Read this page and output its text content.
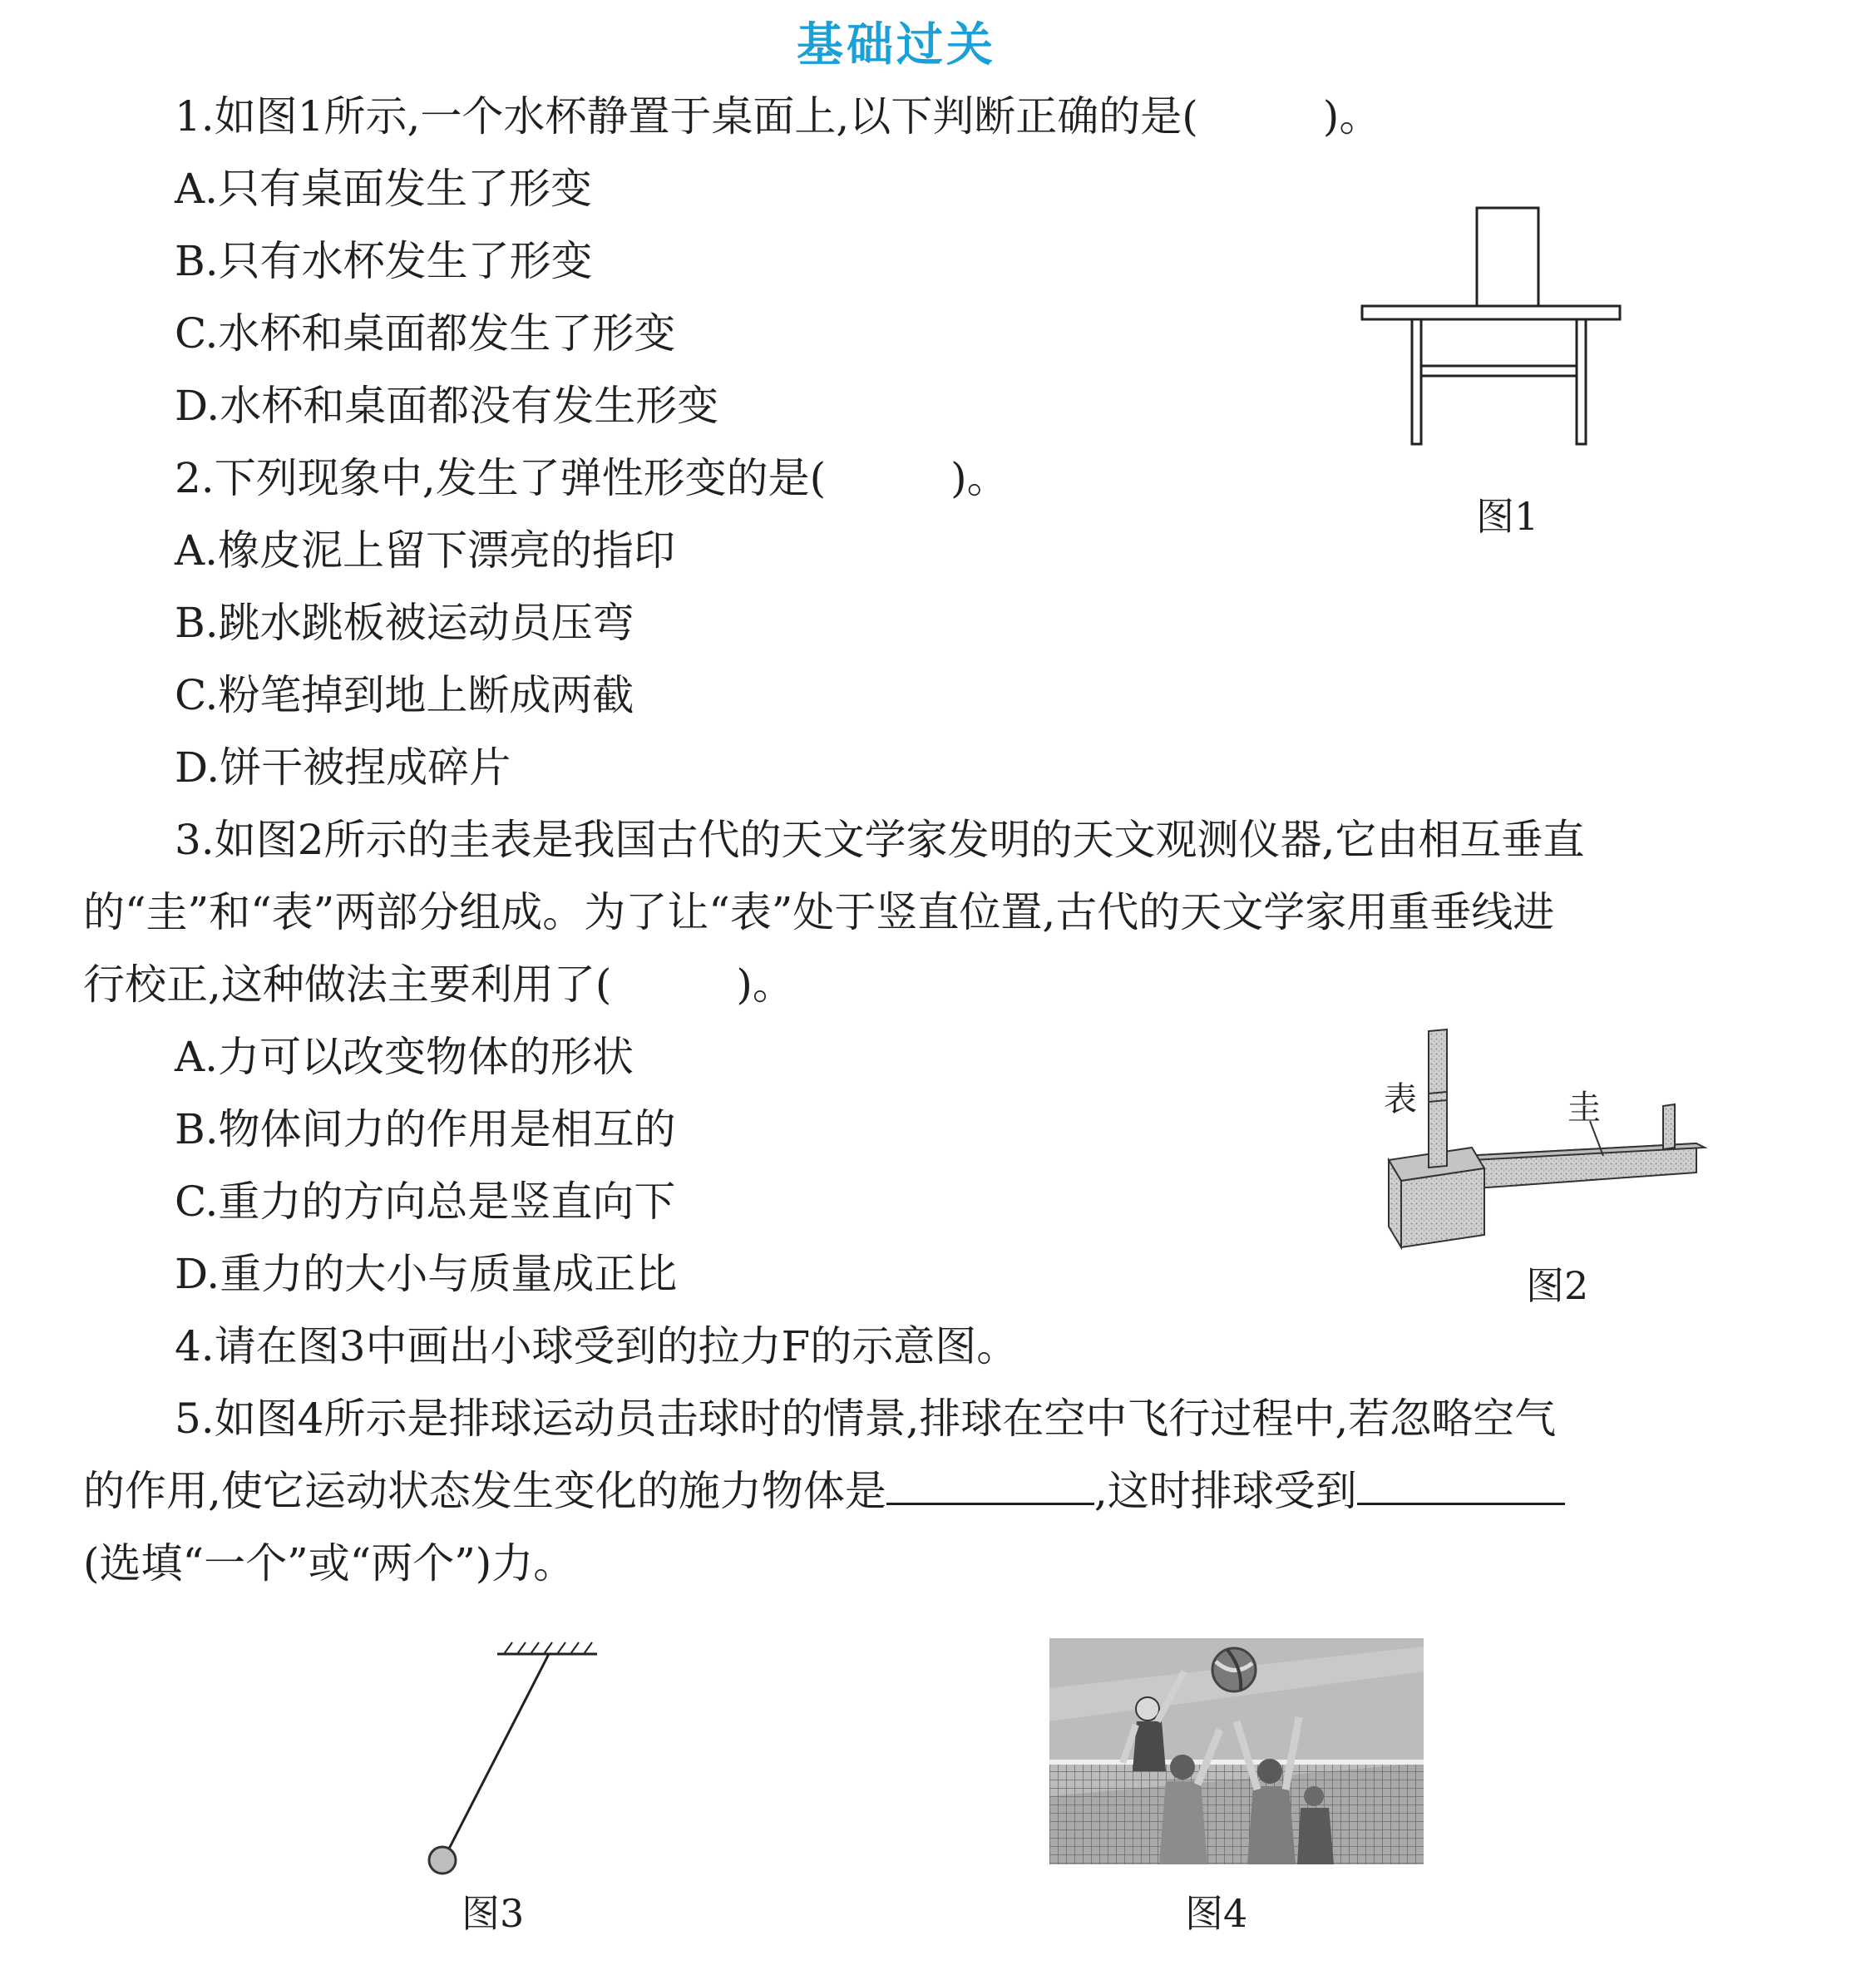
基础过关
1.如图1所示,一个水杯静置于桌面上,以下判断正确的是(　　　)。
A.只有桌面发生了形变
B.只有水杯发生了形变
C.水杯和桌面都发生了形变
D.水杯和桌面都没有发生形变
图1
2.下列现象中,发生了弹性形变的是(　　　)。
A.橡皮泥上留下漂亮的指印
B.跳水跳板被运动员压弯
C.粉笔掉到地上断成两截
D.饼干被捏成碎片
3.如图2所示的圭表是我国古代的天文学家发明的天文观测仪器,它由相互垂直
的“圭”和“表”两部分组成。为了让“表”处于竖直位置,古代的天文学家用重垂线进
行校正,这种做法主要利用了(　　　)。
A.力可以改变物体的形状
B.物体间力的作用是相互的
C.重力的方向总是竖直向下
D.重力的大小与质量成正比
表	圭
图2
4.请在图3中画出小球受到的拉力F的示意图。
5.如图4所示是排球运动员击球时的情景,排球在空中飞行过程中,若忽略空气
的作用,使它运动状态发生变化的施力物体是	,这时排球受到
(选填“一个”或“两个”)力。
图3	图4
